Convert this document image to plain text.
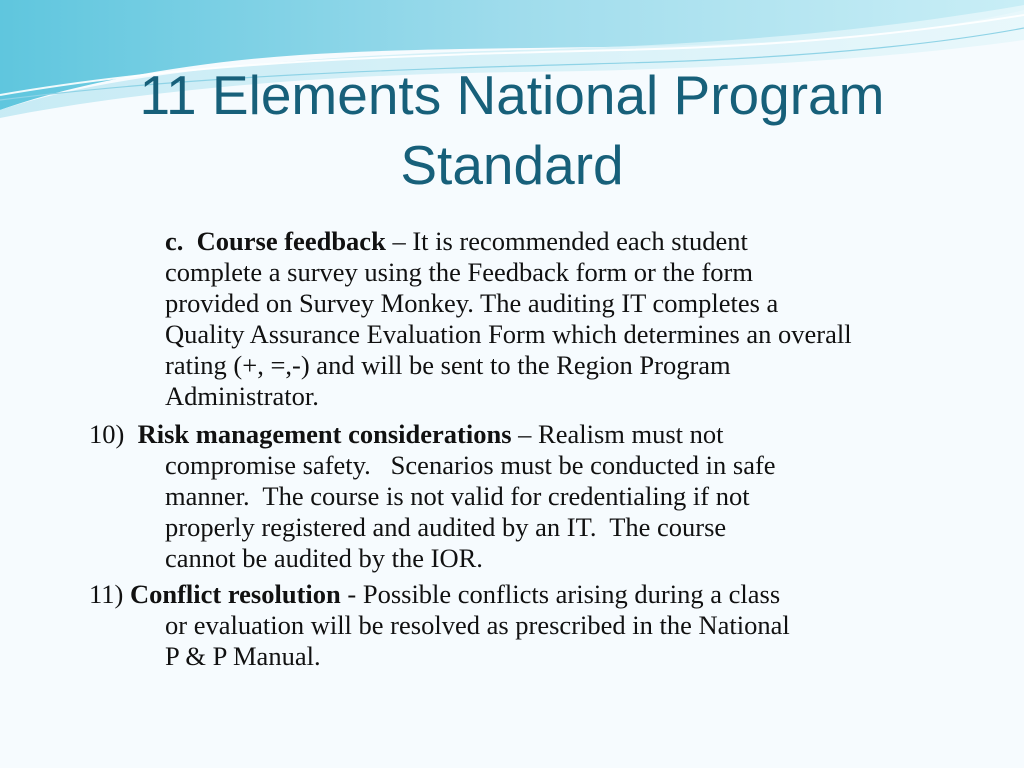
11 Elements National Program
Standard
c.  Course feedback – It is recommended each student
complete a survey using the Feedback form or the form
provided on Survey Monkey. The auditing IT completes a
Quality Assurance Evaluation Form which determines an overall
rating (+, =,-) and will be sent to the Region Program
Administrator.
10)  Risk management considerations – Realism must not
compromise safety.   Scenarios must be conducted in safe
manner.  The course is not valid for credentialing if not
properly registered and audited by an IT.  The course
cannot be audited by the IOR.
11) Conflict resolution - Possible conflicts arising during a class
or evaluation will be resolved as prescribed in the National
P & P Manual.
